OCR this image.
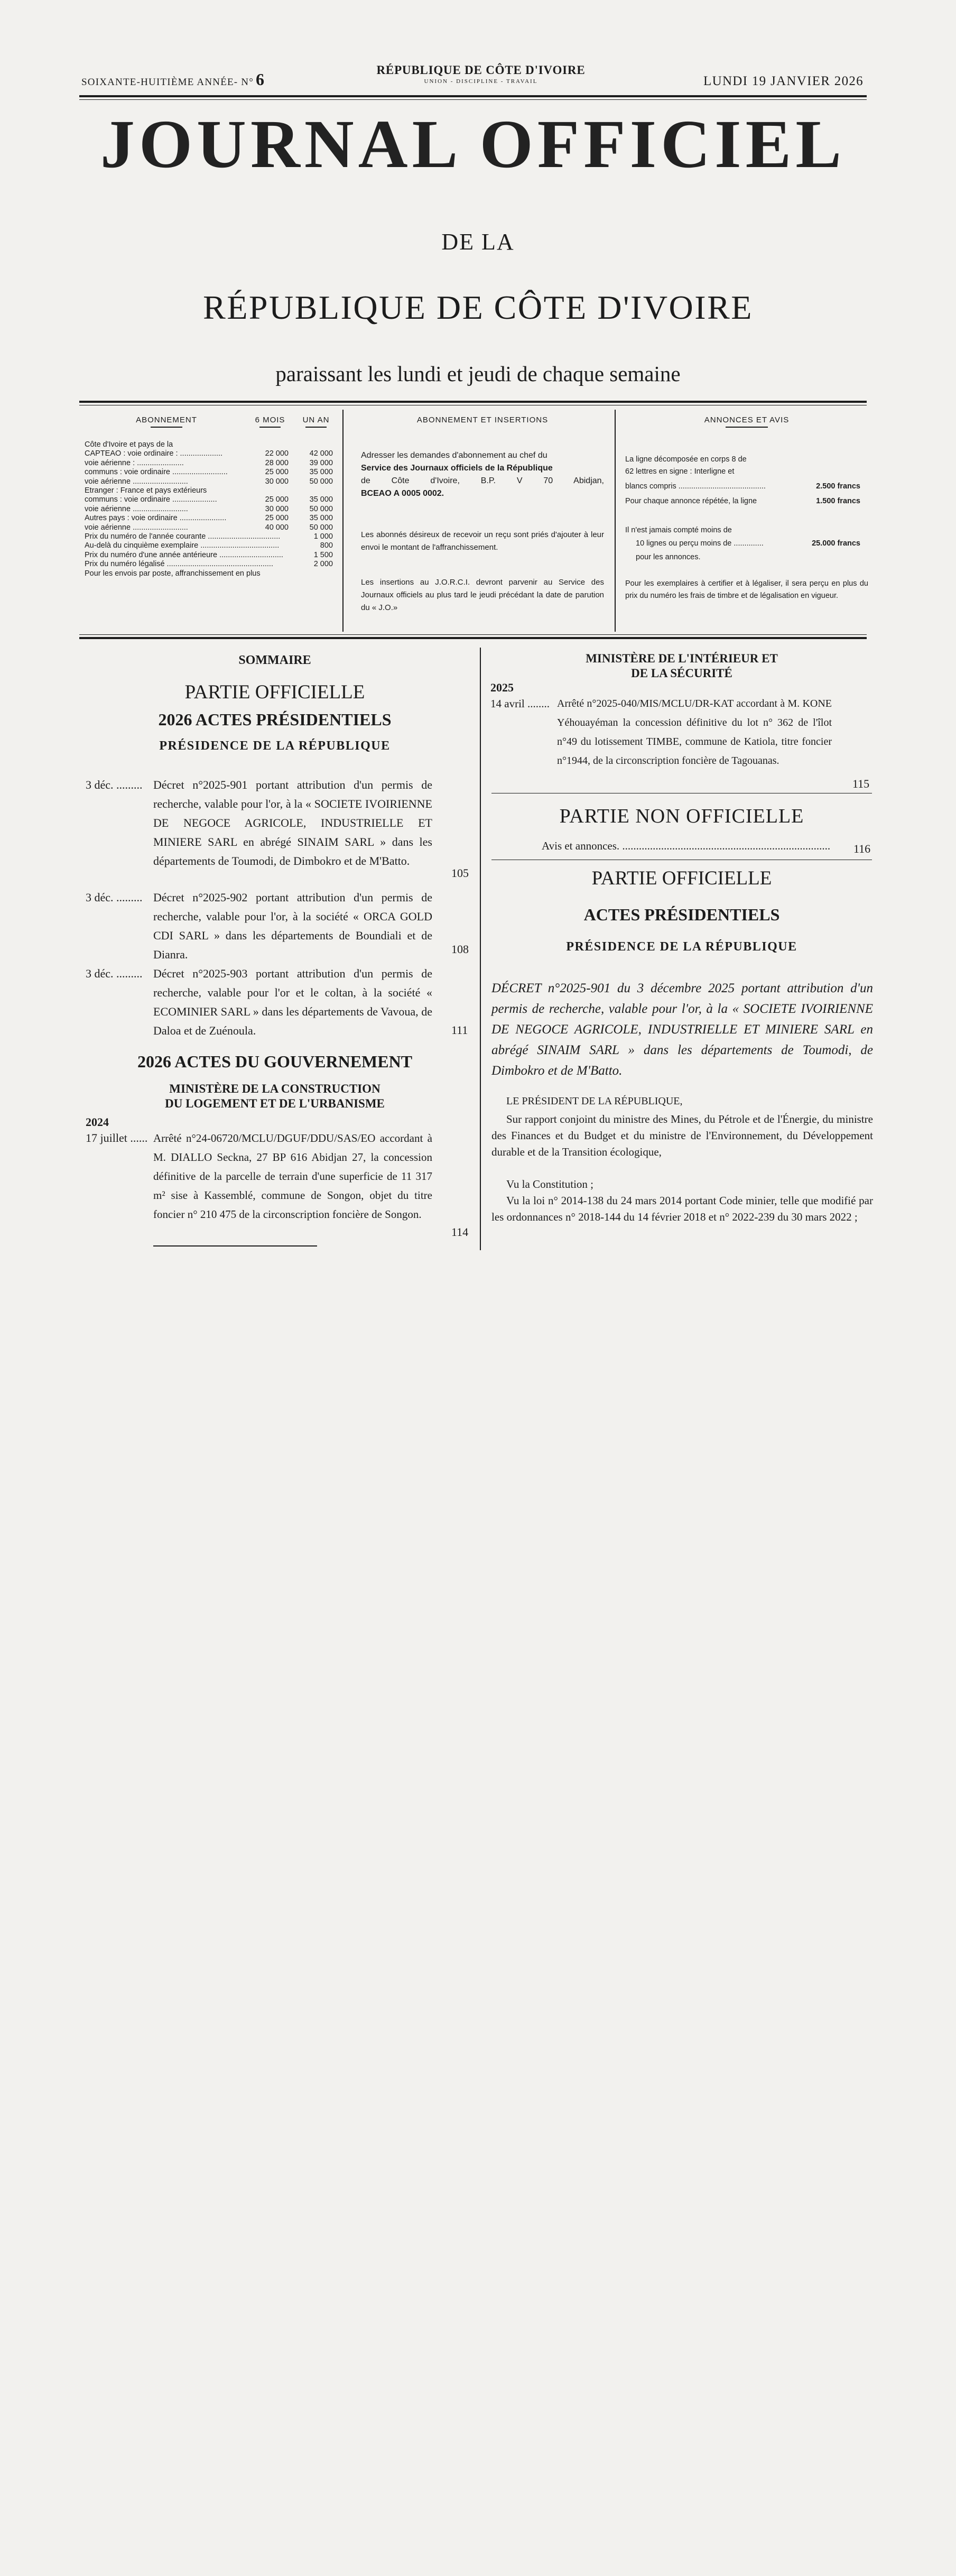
SOIXANTE-HUITIÈME ANNÉE- N° 6	RÉPUBLIQUE DE CÔTE D'IVOIRE
UNION - DISCIPLINE - TRAVAIL	LUNDI 19 JANVIER 2026
JOURNAL OFFICIEL
DE LA
RÉPUBLIQUE DE CÔTE D'IVOIRE
paraissant les lundi et jeudi de chaque semaine
ABONNEMENT	6 MOIS	UN AN
Côte d'Ivoire et pays de la
CAPTEAO : voie ordinaire : ....................	22 000	42 000
voie aérienne : ......................	28 000	39 000
communs : voie ordinaire ..........................	25 000	35 000
voie aérienne ..........................	30 000	50 000
Etranger : France et pays extérieurs
communs : voie ordinaire .....................	25 000	35 000
voie aérienne ..........................	30 000	50 000
Autres pays : voie ordinaire ......................	25 000	35 000
voie aérienne ..........................	40 000	50 000
Prix du numéro de l'année courante ..................................	1 000
Au-delà du cinquième exemplaire .....................................	800
Prix du numéro d'une année antérieure ..............................	1 500
Prix du numéro légalisé ..................................................	2 000
Pour les envois par poste, affranchissement en plus
ABONNEMENT ET INSERTIONS
Adresser les demandes d'abonnement au chef du
Service des Journaux officiels de la République
de Côte d'Ivoire, B.P. V 70 Abidjan,
BCEAO A 0005 0002.
Les abonnés désireux de recevoir un reçu sont priés d'ajouter à leur envoi le montant de l'affranchissement.
Les insertions au J.O.R.C.I. devront parvenir au Service des Journaux officiels au plus tard le jeudi précédant la date de parution du « J.O.»
ANNONCES ET AVIS
La ligne décomposée en corps 8 de
62 lettres en signe : Interligne et
blancs compris .........................................	2.500 francs
Pour chaque annonce répétée, la ligne	1.500 francs
Il n'est jamais compté moins de
10 lignes ou perçu moins de ..............	25.000 francs
pour les annonces.
Pour les exemplaires à certifier et à légaliser, il sera perçu en plus du prix du numéro les frais de timbre et de légalisation en vigueur.
SOMMAIRE
PARTIE OFFICIELLE
2026 ACTES PRÉSIDENTIELS
PRÉSIDENCE DE LA RÉPUBLIQUE
3 déc. ......... Décret n°2025-901 portant attribution d'un permis de recherche, valable pour l'or, à la « SOCIETE IVOIRIENNE DE NEGOCE AGRICOLE, INDUSTRIELLE ET MINIERE SARL en abrégé SINAIM SARL » dans les départements de Toumodi, de Dimbokro et de M'Batto.
105
3 déc. ......... Décret n°2025-902 portant attribution d'un permis de recherche, valable pour l'or, à la société « ORCA GOLD CDI SARL » dans les départements de Boundiali et de Dianra.	108
3 déc. ......... Décret n°2025-903 portant attribution d'un permis de recherche, valable pour l'or et le coltan, à la société « ECOMINIER SARL » dans les départements de Vavoua, de Daloa et de Zuénoula.	111
2026 ACTES DU GOUVERNEMENT
MINISTÈRE DE LA CONSTRUCTION
DU LOGEMENT ET DE L'URBANISME
2024
17 juillet ...... Arrêté n°24-06720/MCLU/DGUF/DDU/SAS/EO accordant à M. DIALLO Seckna, 27 BP 616 Abidjan 27, la concession définitive de la parcelle de terrain d'une superficie de 11 317 m² sise à Kassemblé, commune de Songon, objet du titre foncier n° 210 475 de la circonscription foncière de Songon.
114
MINISTÈRE DE L'INTÉRIEUR ET
DE LA SÉCURITÉ
2025
14 avril ........ Arrêté n°2025-040/MIS/MCLU/DR-KAT accordant à M. KONE Yéhouayéman la concession définitive du lot n° 362 de l'îlot n°49 du lotissement TIMBE, commune de Katiola, titre foncier n°1944, de la circonscription foncière de Tagouanas.
115
PARTIE NON OFFICIELLE
Avis et annonces. ...........................................................................	116
PARTIE OFFICIELLE
ACTES PRÉSIDENTIELS
PRÉSIDENCE DE LA RÉPUBLIQUE
DÉCRET n°2025-901 du 3 décembre 2025 portant attribution d'un permis de recherche, valable pour l'or, à la « SOCIETE IVOIRIENNE DE NEGOCE AGRICOLE, INDUSTRIELLE ET MINIERE SARL en abrégé SINAIM SARL » dans les départements de Toumodi, de Dimbokro et de M'Batto.
LE PRÉSIDENT DE LA RÉPUBLIQUE,
Sur rapport conjoint du ministre des Mines, du Pétrole et de l'Énergie, du ministre des Finances et du Budget et du ministre de l'Environnement, du Développement durable et de la Transition écologique,
Vu la Constitution ;
Vu la loi n° 2014-138 du 24 mars 2014 portant Code minier, telle que modifié par les ordonnances n° 2018-144 du 14 février 2018 et n° 2022-239 du 30 mars 2022 ;
